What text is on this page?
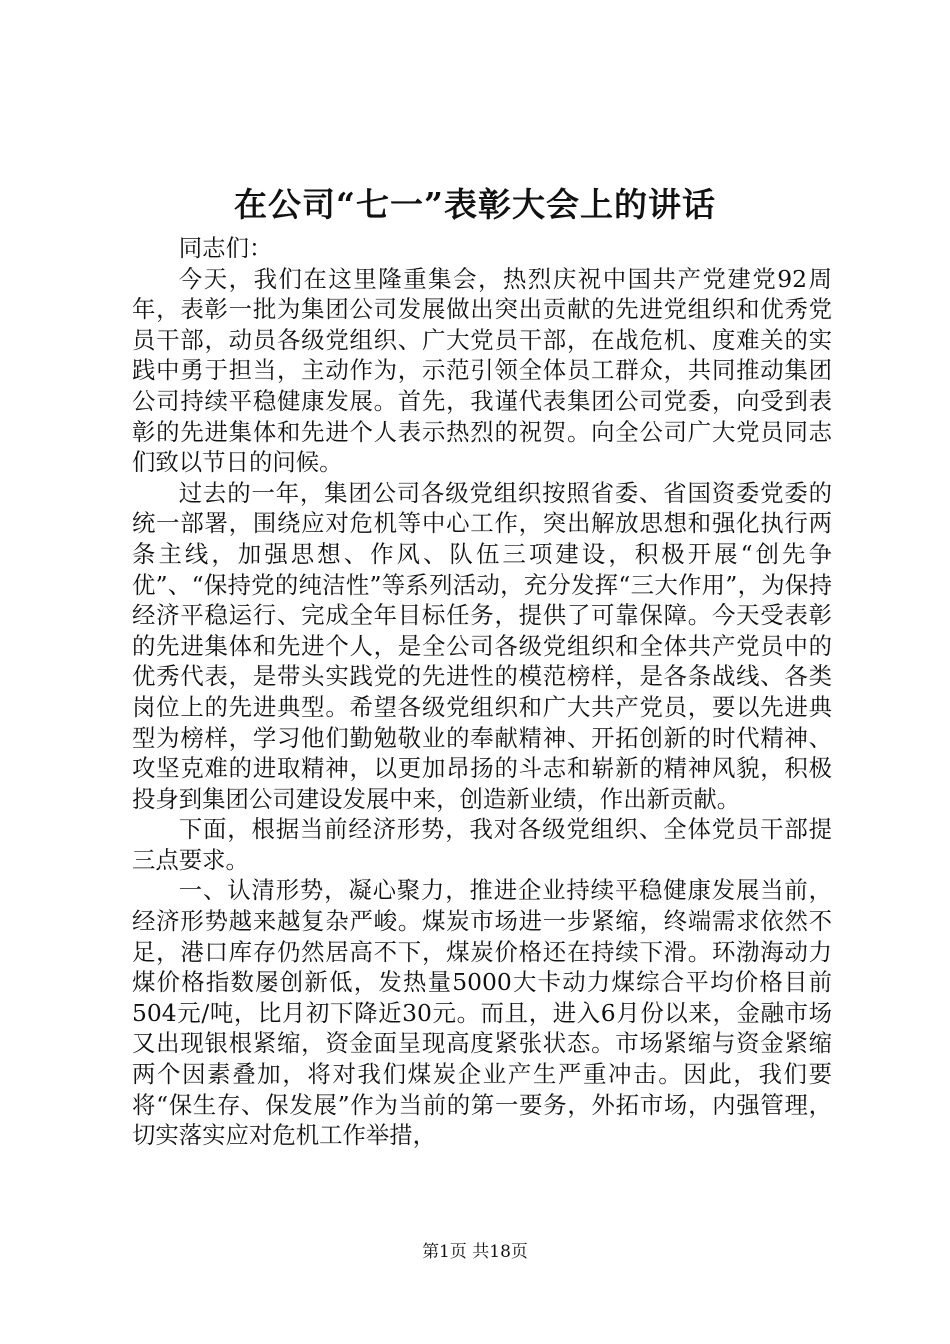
在公司“七一”表彰大会上的讲话

同志们：

今天，我们在这里隆重集会，热烈庆祝中国共产党建党92周年，表彰一批为集团公司发展做出突出贡献的先进党组织和优秀党员干部，动员各级党组织、广大党员干部，在战危机、度难关的实践中勇于担当，主动作为，示范引领全体员工群众，共同推动集团公司持续平稳健康发展。首先，我谨代表集团公司党委，向受到表彰的先进集体和先进个人表示热烈的祝贺。向全公司广大党员同志们致以节日的问候。

过去的一年，集团公司各级党组织按照省委、省国资委党委的统一部署，围绕应对危机等中心工作，突出解放思想和强化执行两条主线，加强思想、作风、队伍三项建设，积极开展“创先争优”、“保持党的纯洁性”等系列活动，充分发挥“三大作用”，为保持经济平稳运行、完成全年目标任务，提供了可靠保障。今天受表彰的先进集体和先进个人，是全公司各级党组织和全体共产党员中的优秀代表，是带头实践党的先进性的模范榜样，是各条战线、各类岗位上的先进典型。希望各级党组织和广大共产党员，要以先进典型为榜样，学习他们勤勉敬业的奉献精神、开拓创新的时代精神、攻坚克难的进取精神，以更加昂扬的斗志和崭新的精神风貌，积极投身到集团公司建设发展中来，创造新业绩，作出新贡献。

下面，根据当前经济形势，我对各级党组织、全体党员干部提三点要求。

一、认清形势，凝心聚力，推进企业持续平稳健康发展当前，经济形势越来越复杂严峻。煤炭市场进一步紧缩，终端需求依然不足，港口库存仍然居高不下，煤炭价格还在持续下滑。环渤海动力煤价格指数屡创新低，发热量5000大卡动力煤综合平均价格目前504元/吨，比月初下降近30元。而且，进入6月份以来，金融市场又出现银根紧缩，资金面呈现高度紧张状态。市场紧缩与资金紧缩两个因素叠加，将对我们煤炭企业产生严重冲击。因此，我们要将“保生存、保发展”作为当前的第一要务，外拓市场，内强管理，切实落实应对危机工作举措，

第1页 共18页
